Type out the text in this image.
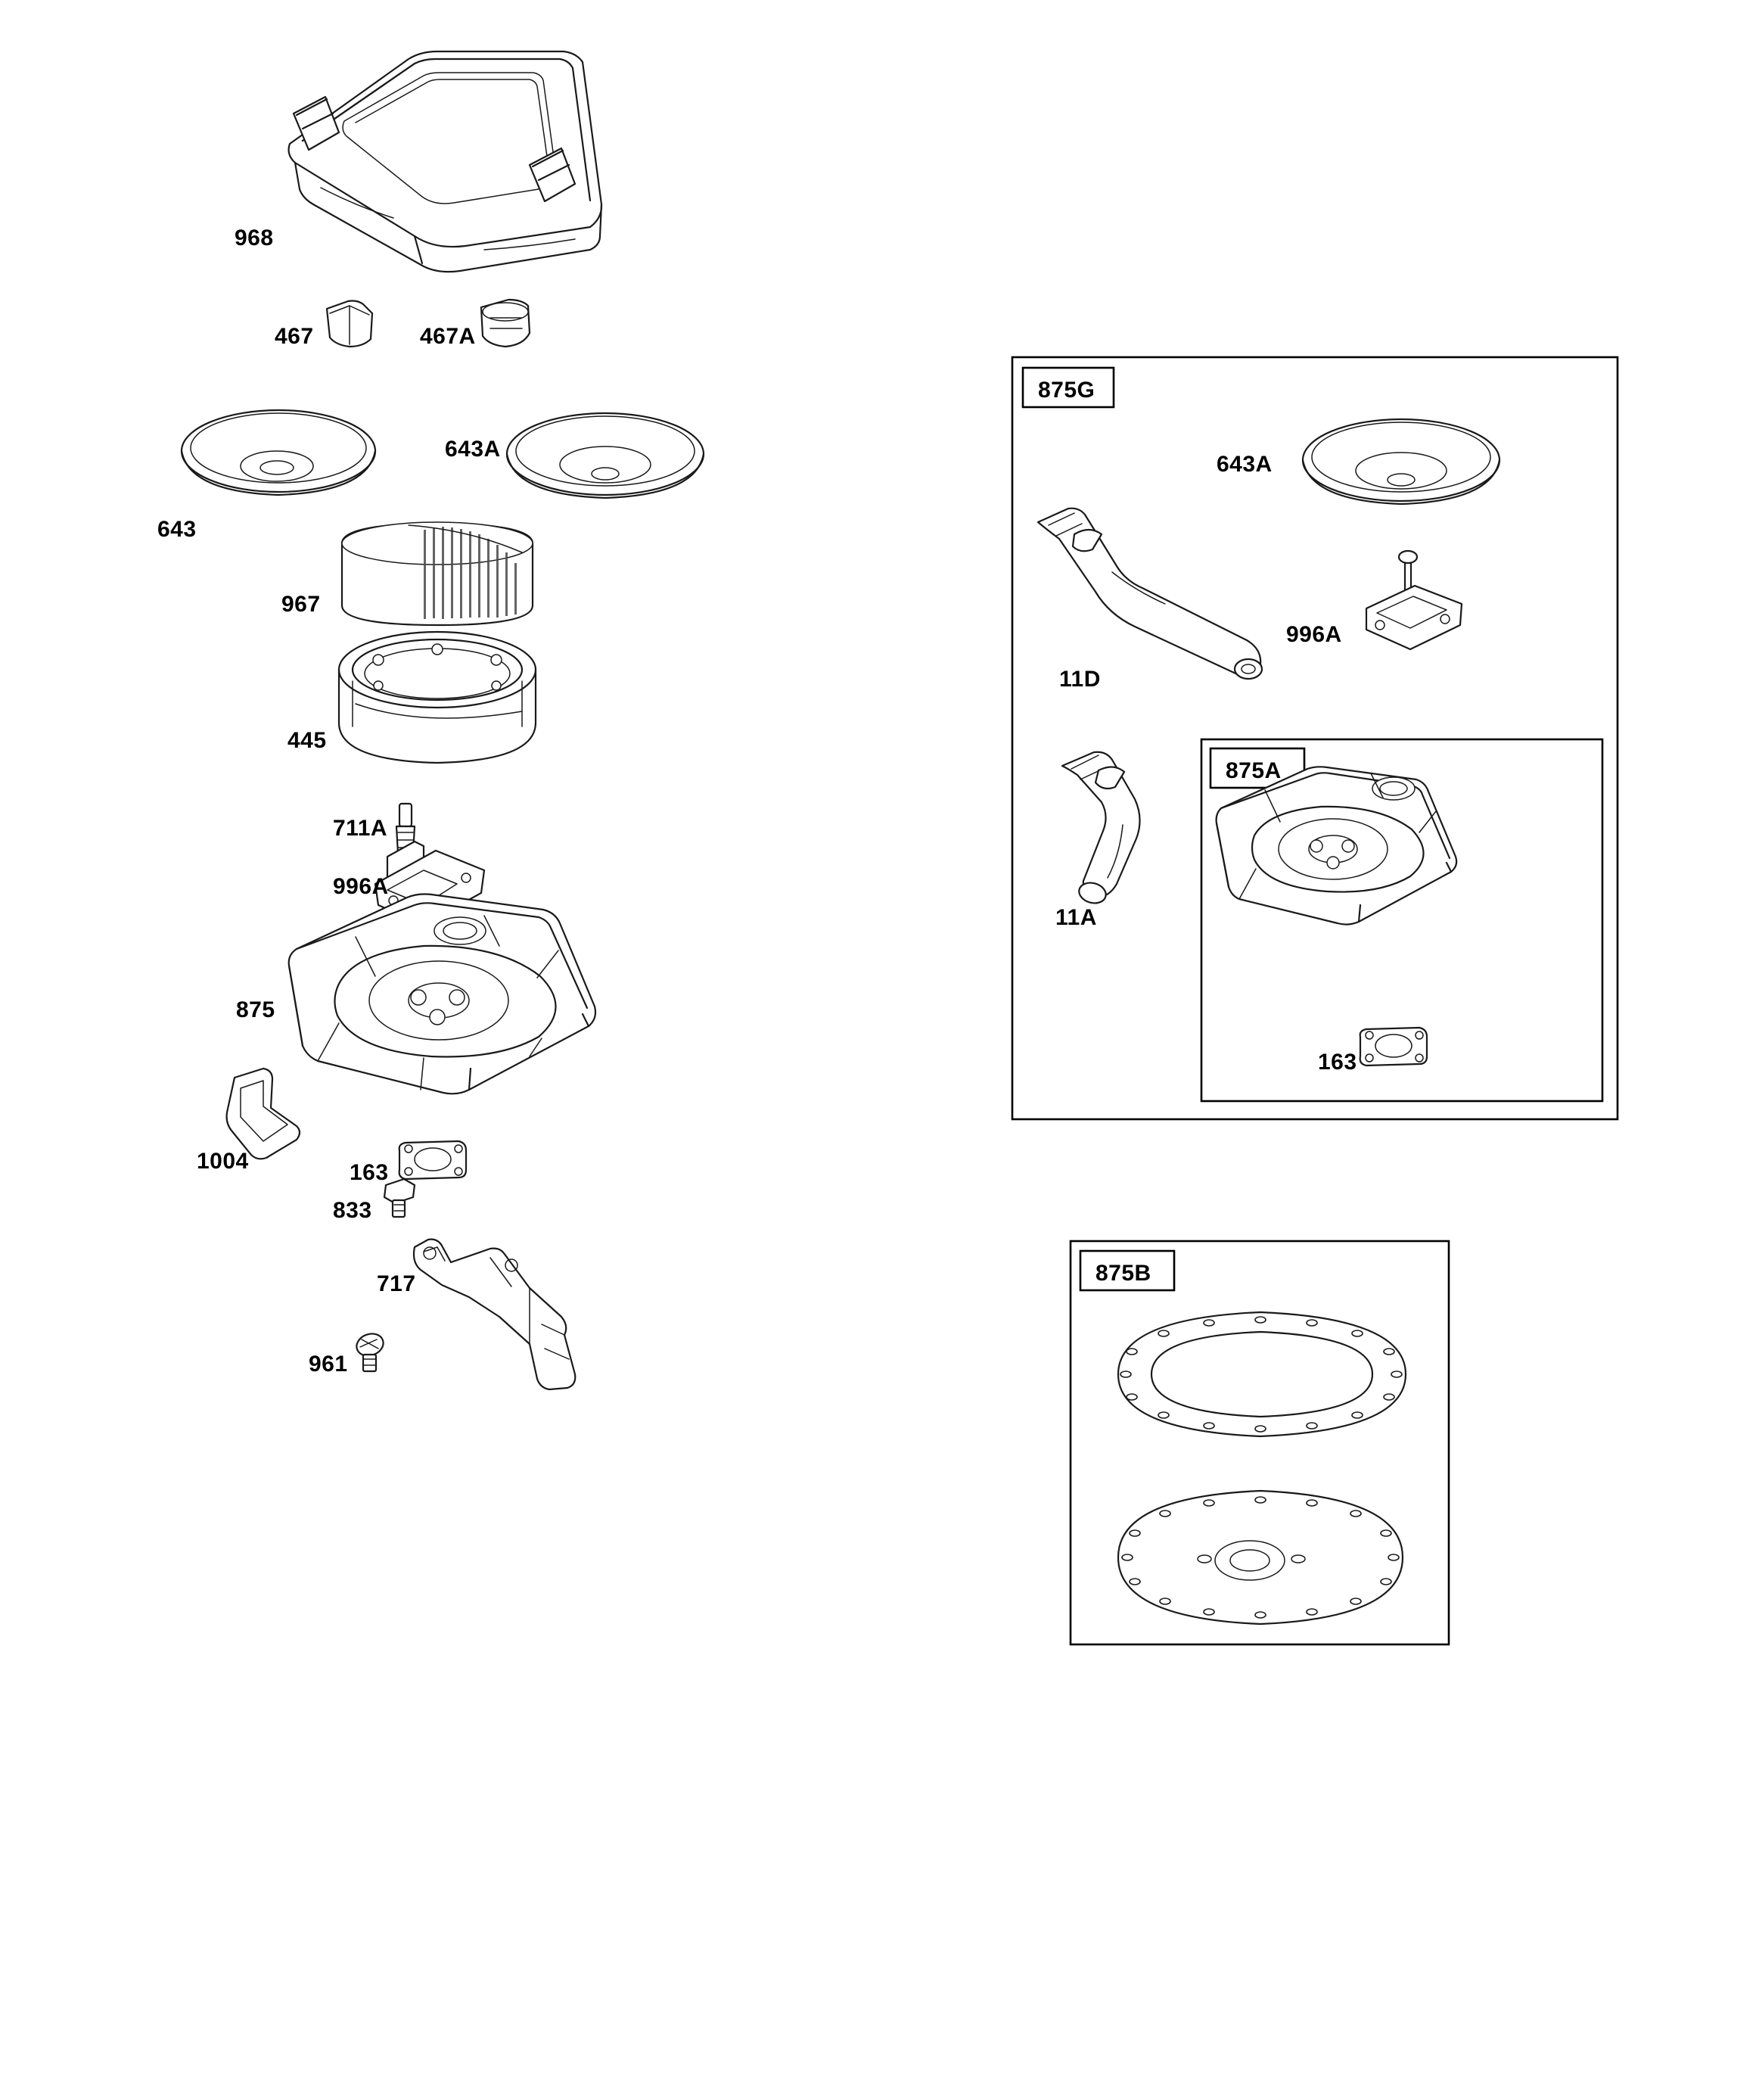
968
467	467A
643A
643
967
445
711A
996A
875
1004	163
833
717
961
643A
996A
11D
11A
163
875G
875A
875B
